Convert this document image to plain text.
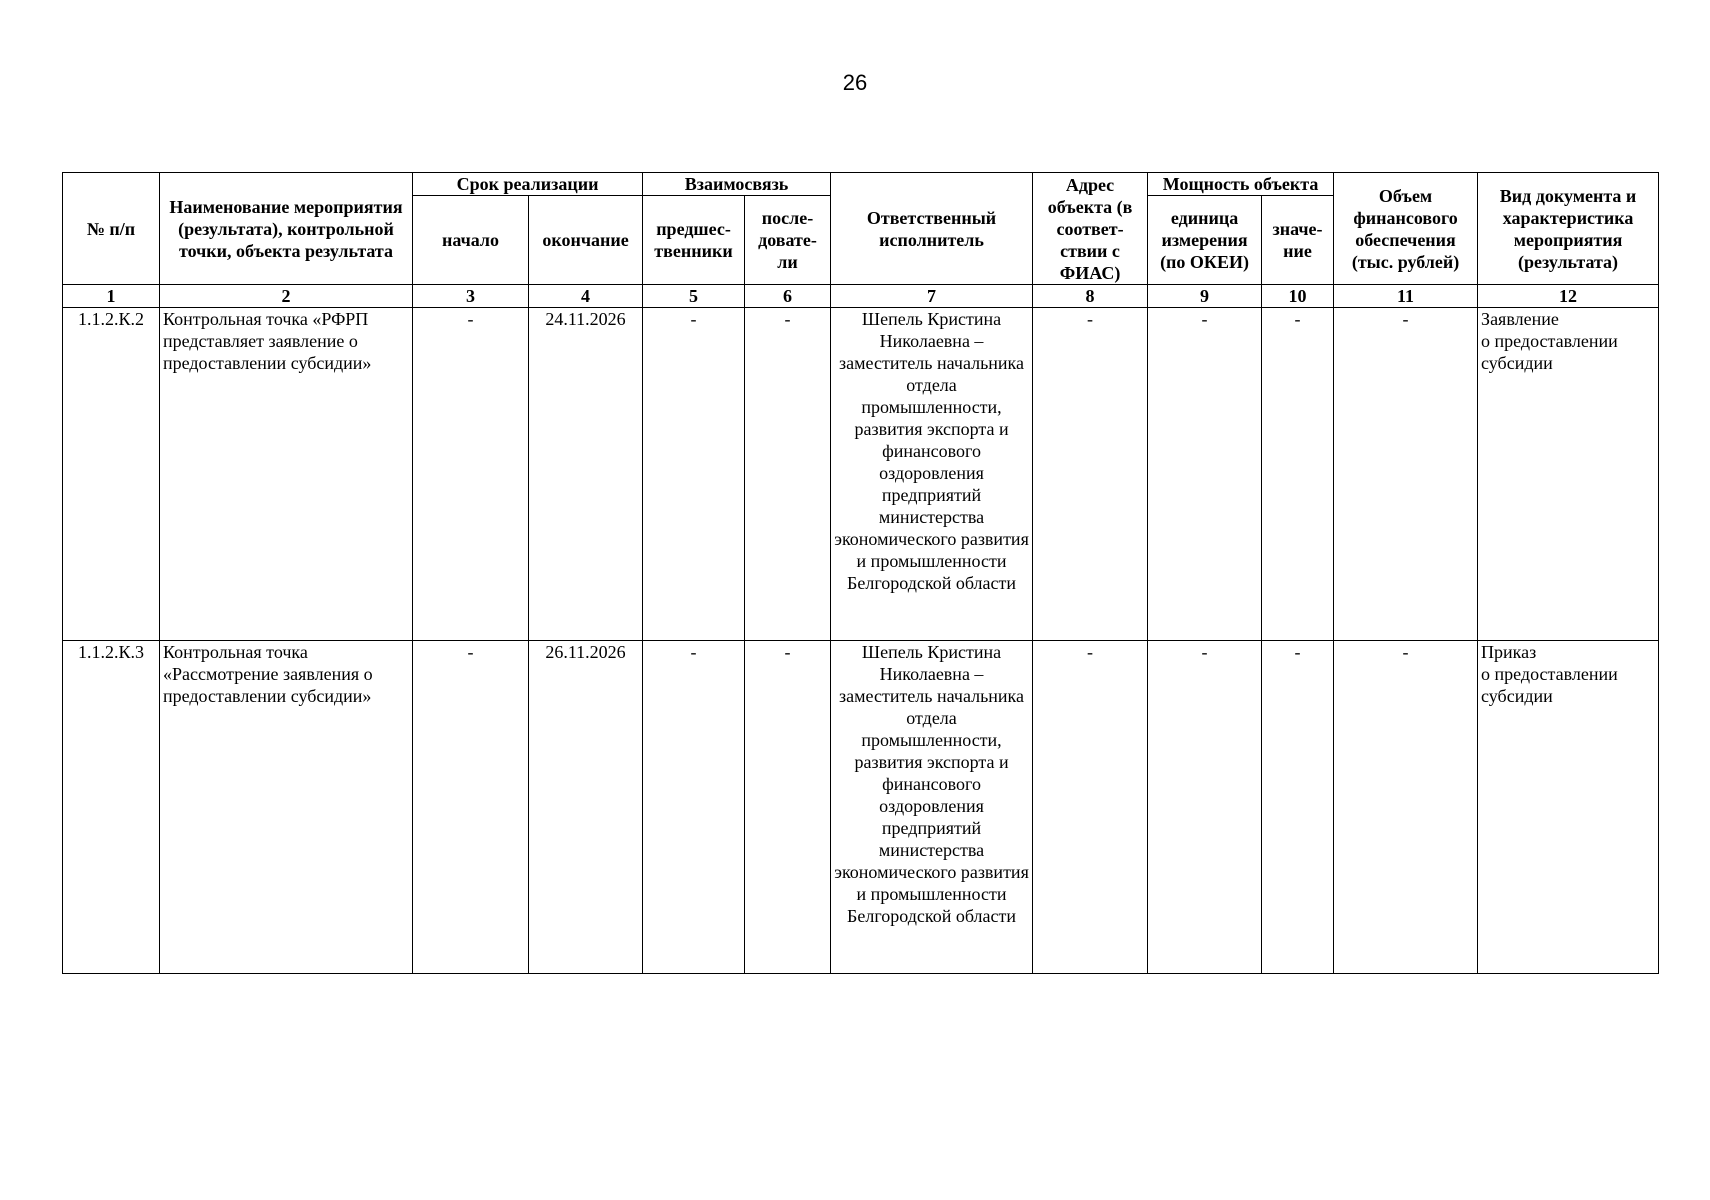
26
№ п/п	Наименование мероприятия (результата), контрольной точки, объекта результата	Срок реализации		Взаимосвязь		Ответственный исполнитель	Адрес объекта (в соответ-ствии с ФИАС)	Мощность объекта		Объем финансового обеспечения (тыс. рублей)	Вид документа и характеристика мероприятия (результата)
		начало	окончание	предшес-твенники	после-довате-ли			единица измерения (по ОКЕИ)	значе-ние		
1	2	3	4	5	6	7	8	9	10	11	12
1.1.2.К.2	Контрольная точка «РФРП представляет заявление о предоставлении субсидии»	-	24.11.2026	-	-	Шепель Кристина Николаевна – заместитель начальника отдела промышленности, развития экспорта и финансового оздоровления предприятий министерства экономического развития и промышленности Белгородской области	-	-	-	-	Заявление
о предоставлении субсидии

1.1.2.К.3	Контрольная точка «Рассмотрение заявления о предоставлении субсидии»	-	26.11.2026	-	-	Шепель Кристина Николаевна – заместитель начальника отдела промышленности, развития экспорта и финансового оздоровления предприятий министерства экономического развития и промышленности Белгородской области	-	-	-	-	Приказ
о предоставлении субсидии
